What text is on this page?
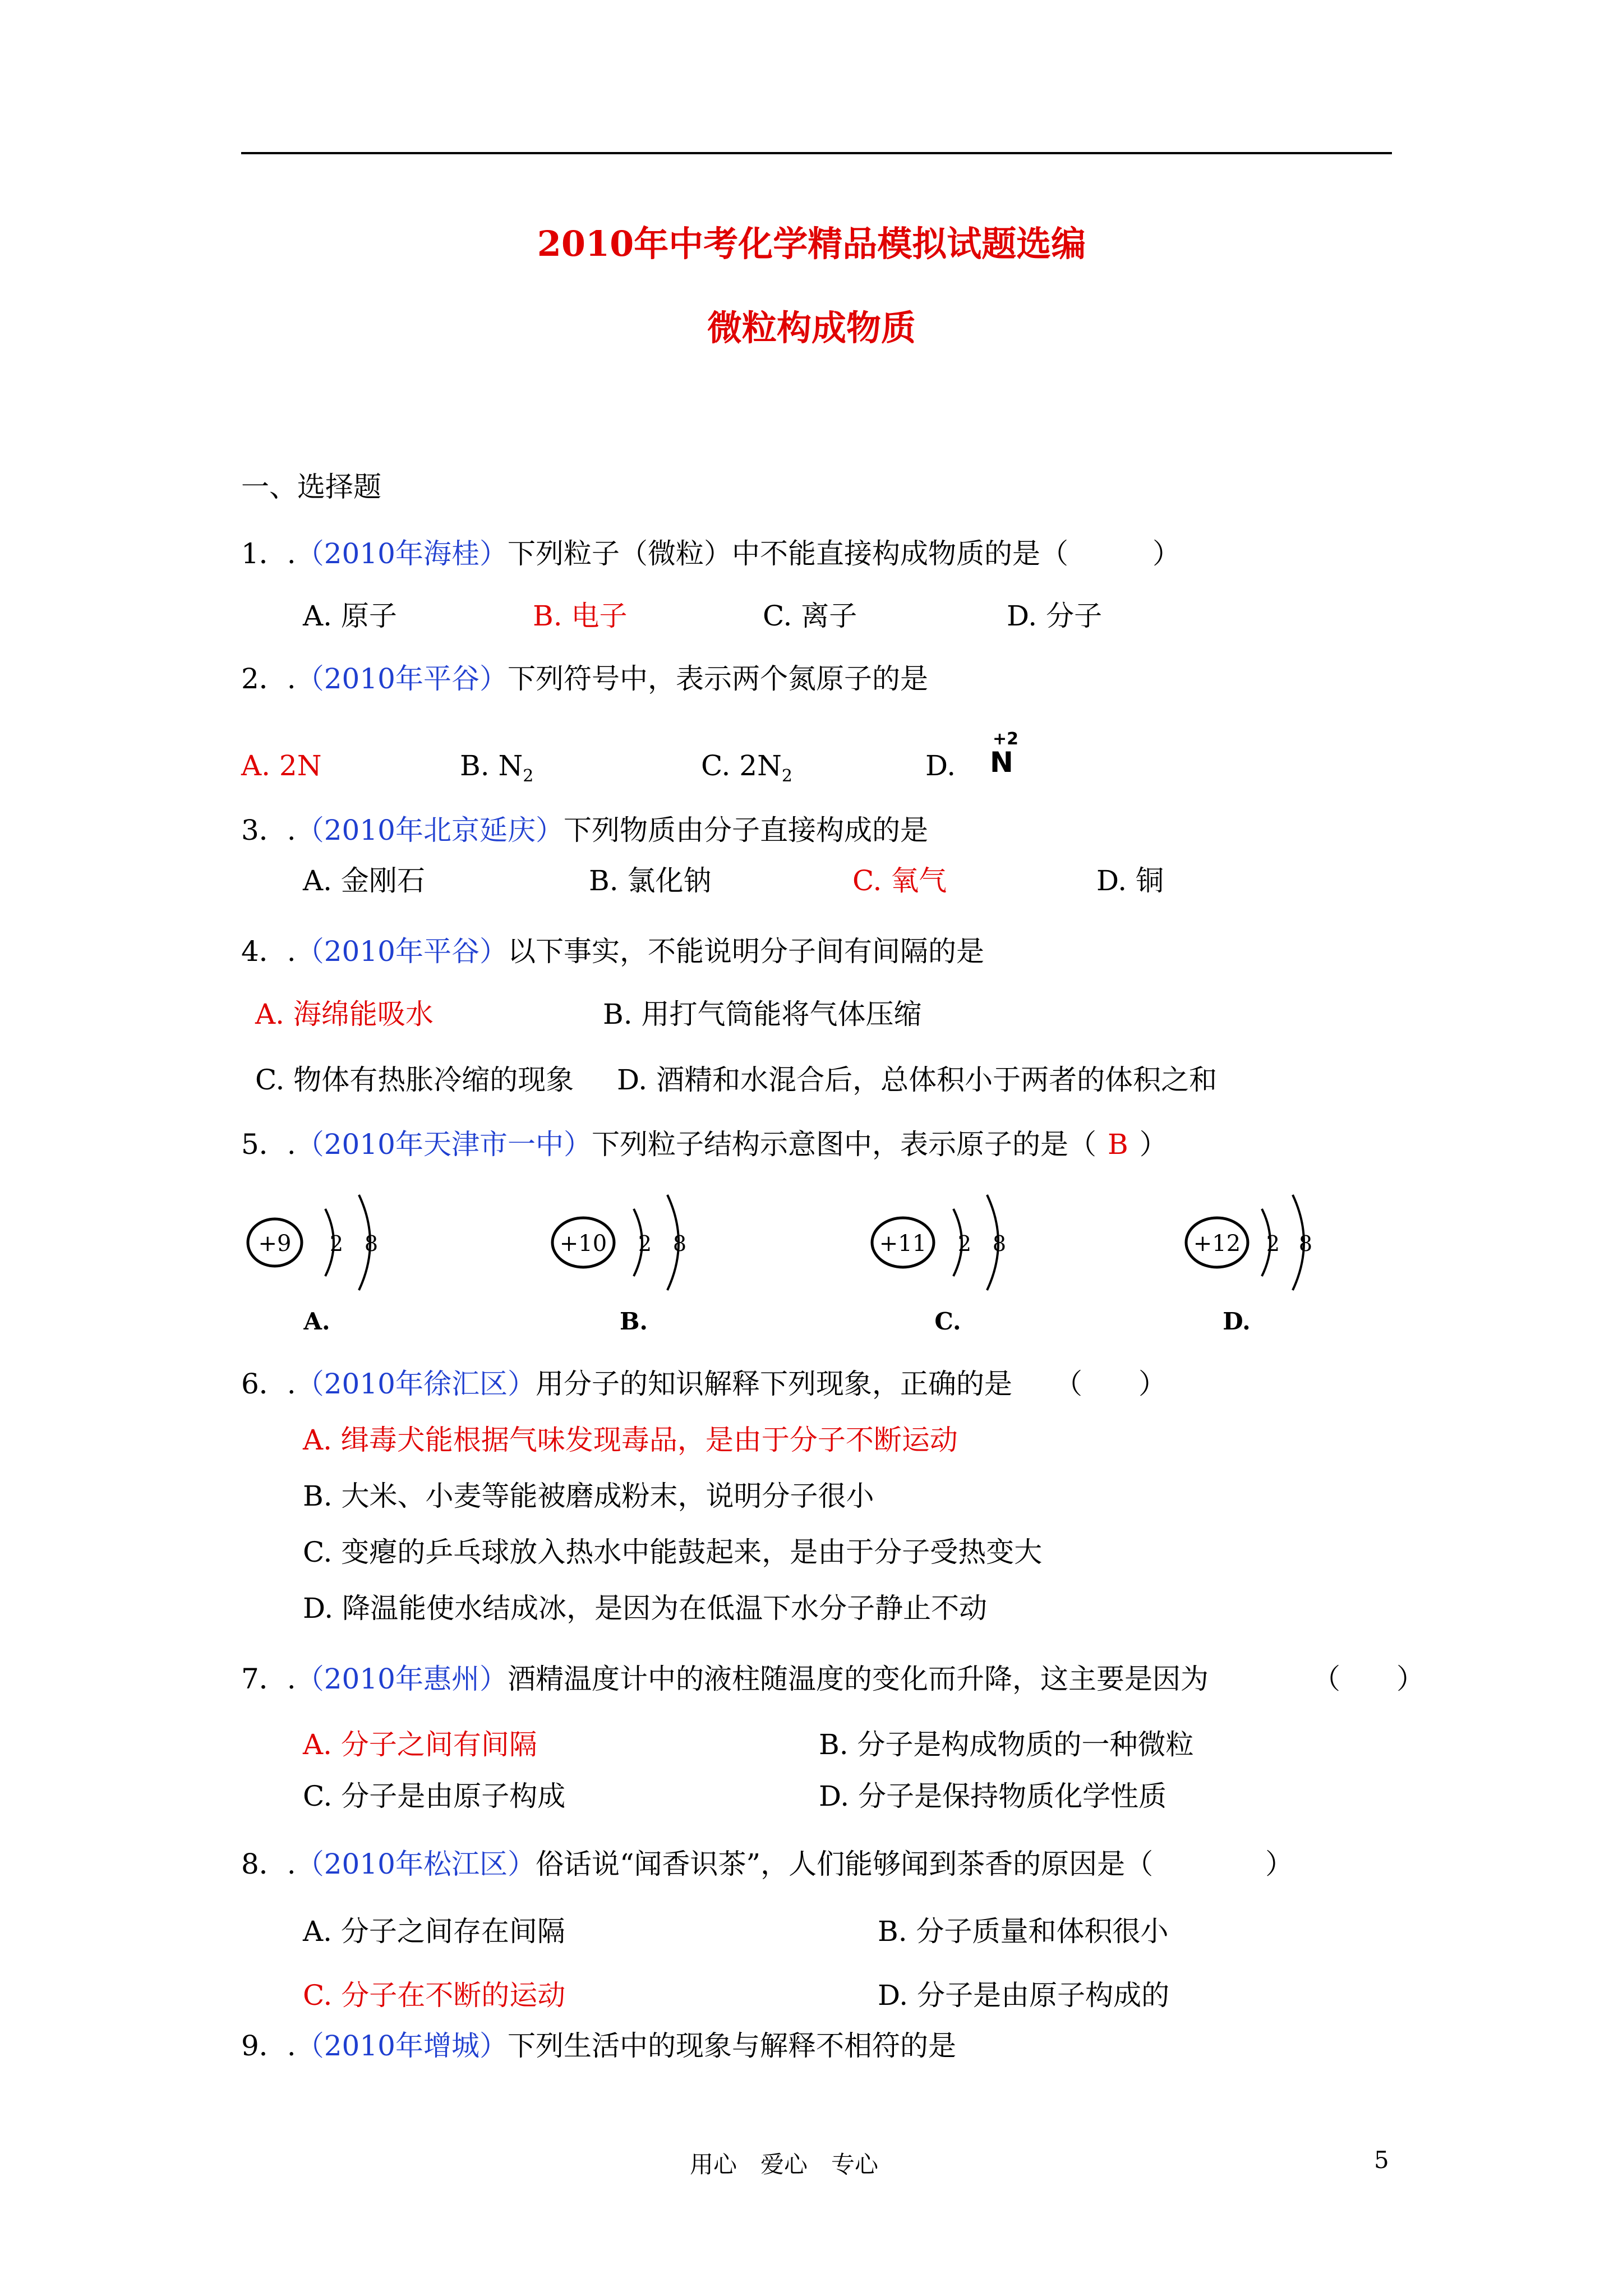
2010年中考化学精品模拟试题选编
微粒构成物质
一、选择题
1．.（2010年海桂）下列粒子（微粒）中不能直接构成物质的是（　　　）
A. 原子	B. 电子	C. 离子	D. 分子
2．.（2010年平谷）下列符号中，表示两个氮原子的是
A. 2N	B. $N_2$	C. $2N_2$	D.
+2
N
3．.（2010年北京延庆）下列物质由分子直接构成的是
A. 金刚石	B. 氯化钠	C. 氧气	D. 铜
4．.（2010年平谷）以下事实，不能说明分子间有间隔的是
A. 海绵能吸水	B. 用打气筒能将气体压缩
C. 物体有热胀冷缩的现象 D. 酒精和水混合后，总体积小于两者的体积之和
5．.（2010年天津市一中）下列粒子结构示意图中，表示原子的是（ B ）
+9 2 8
A.
+10 2 8
B.
+11 2 8
C.
+12 2 8
D.
6．.（2010年徐汇区）用分子的知识解释下列现象，正确的是　　（　　）
A. 缉毒犬能根据气味发现毒品，是由于分子不断运动
B. 大米、小麦等能被磨成粉末，说明分子很小
C. 变瘪的乒乓球放入热水中能鼓起来，是由于分子受热变大
D. 降温能使水结成冰，是因为在低温下水分子静止不动
7．.（2010年惠州）酒精温度计中的液柱随温度的变化而升降，这主要是因为	（　　）
A. 分子之间有间隔	B. 分子是构成物质的一种微粒
C. 分子是由原子构成	D. 分子是保持物质化学性质
8．.（2010年松江区）俗话说“闻香识茶”，人们能够闻到茶香的原因是（　　　　）
A. 分子之间存在间隔	B. 分子质量和体积很小
C. 分子在不断的运动	D. 分子是由原子构成的
9．.（2010年增城）下列生活中的现象与解释不相符的是
用心　爱心　专心	5
